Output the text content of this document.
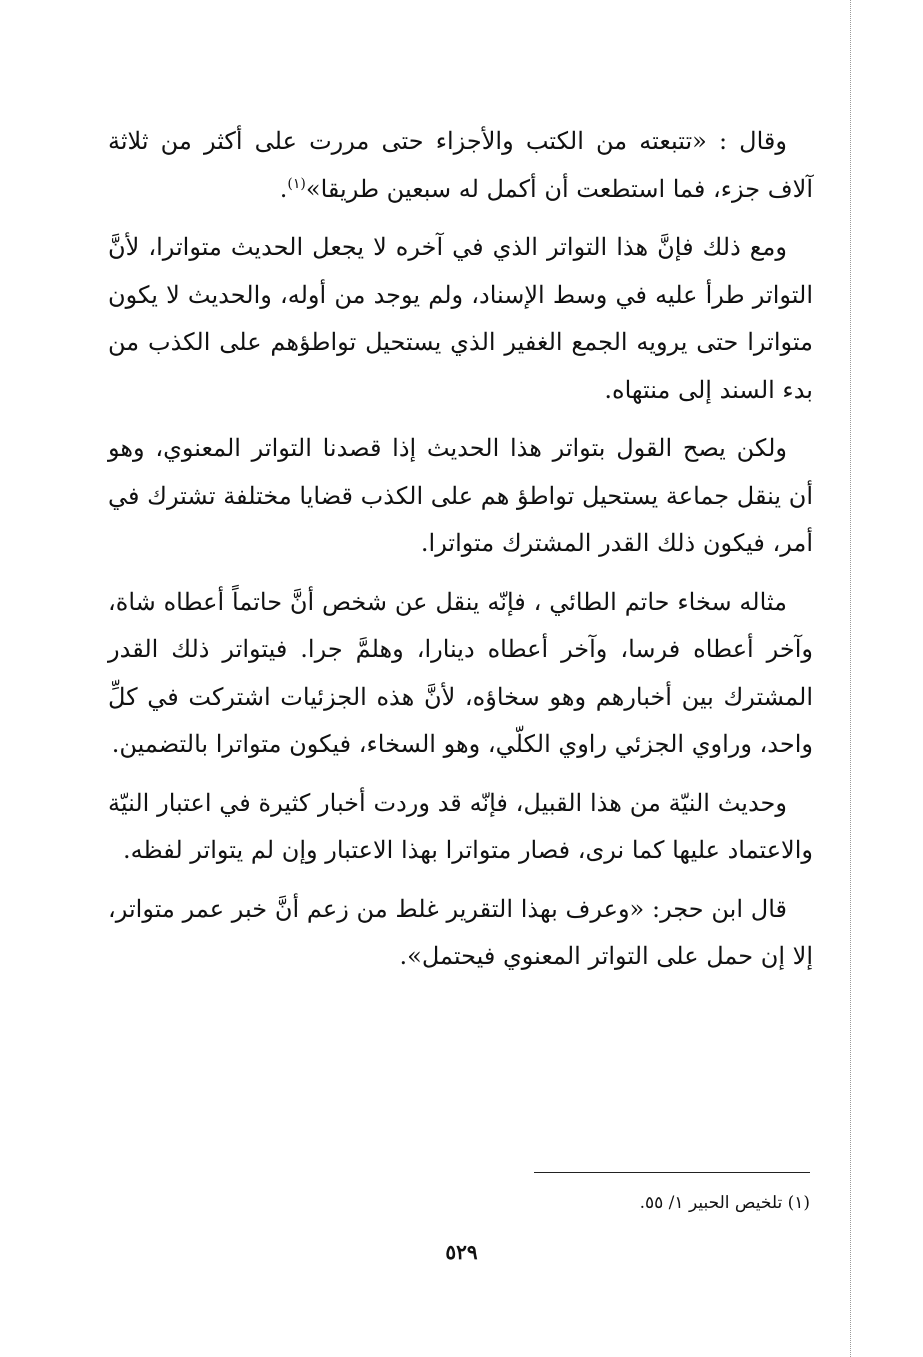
وقال : «تتبعته من الكتب والأجزاء حتى مررت على أكثر من ثلاثة آلاف جزء، فما استطعت أن أكمل له سبعين طريقا»$^{(١)}$.

ومع ذلك فإنَّ هذا التواتر الذي في آخره لا يجعل الحديث متواترا، لأنَّ التواتر طرأ عليه في وسط الإسناد، ولم يوجد من أوله، والحديث لا يكون متواترا حتى يرويه الجمع الغفير الذي يستحيل تواطؤهم على الكذب من بدء السند إلى منتهاه.

ولكن يصح القول بتواتر هذا الحديث إذا قصدنا التواتر المعنوي، وهو أن ينقل جماعة يستحيل تواطؤ هم على الكذب قضايا مختلفة تشترك في أمر، فيكون ذلك القدر المشترك متواترا.

مثاله سخاء حاتم الطائي ، فإنّه ينقل عن شخص أنَّ حاتماً أعطاه شاة، وآخر أعطاه فرسا، وآخر أعطاه دينارا، وهلمَّ جرا. فيتواتر ذلك القدر المشترك بين أخبارهم وهو سخاؤه، لأنَّ هذه الجزئيات اشتركت في كلِّ واحد، وراوي الجزئي راوي الكلّي، وهو السخاء، فيكون متواترا بالتضمين.

وحديث النيّة من هذا القبيل، فإنّه قد وردت أخبار كثيرة في اعتبار النيّة والاعتماد عليها كما نرى، فصار متواترا بهذا الاعتبار وإن لم يتواتر لفظه.

قال ابن حجر: «وعرف بهذا التقرير غلط من زعم أنَّ خبر عمر متواتر، إلا إن حمل على التواتر المعنوي فيحتمل».

(١) تلخيص الحبير ١/ ٥٥.
٥٢٩
